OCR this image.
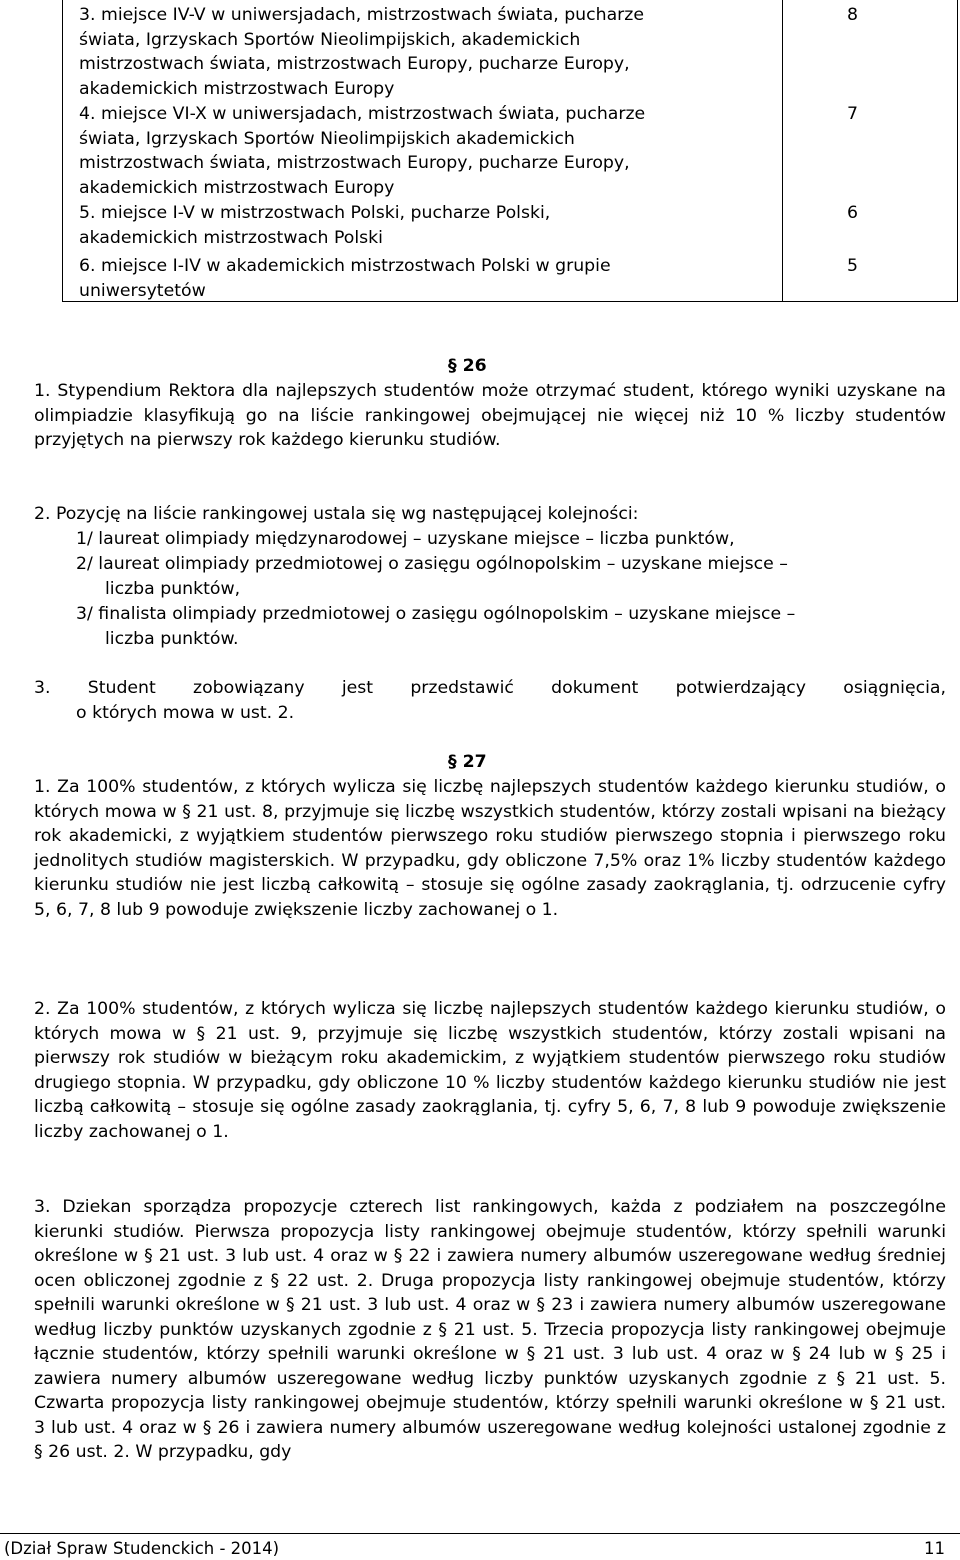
3. miejsce IV-V w uniwersjadach, mistrzostwach świata, pucharze
świata, Igrzyskach Sportów Nieolimpijskich, akademickich
mistrzostwach świata, mistrzostwach Europy, pucharze Europy,
akademickich mistrzostwach Europy
8
4. miejsce VI-X w uniwersjadach, mistrzostwach świata, pucharze
świata, Igrzyskach Sportów Nieolimpijskich akademickich
mistrzostwach świata, mistrzostwach Europy, pucharze Europy,
akademickich mistrzostwach Europy
7
5. miejsce I-V w mistrzostwach Polski, pucharze Polski,
akademickich mistrzostwach Polski
6
6. miejsce I-IV w akademickich mistrzostwach Polski w grupie
uniwersytetów
5
§ 26
1. Stypendium Rektora dla najlepszych studentów może otrzymać student, którego wyniki uzyskane na olimpiadzie klasyfikują go na liście rankingowej obejmującej nie więcej niż 10 % liczby studentów przyjętych na pierwszy rok każdego kierunku studiów.
2. Pozycję na liście rankingowej ustala się wg następującej kolejności:
1/ laureat olimpiady międzynarodowej – uzyskane miejsce – liczba punktów,
2/ laureat olimpiady przedmiotowej o zasięgu ogólnopolskim – uzyskane miejsce –
liczba punktów,
3/ finalista olimpiady przedmiotowej o zasięgu ogólnopolskim – uzyskane miejsce –
liczba punktów.
3. Student zobowiązany jest przedstawić dokument potwierdzający osiągnięcia,
o których mowa w ust. 2.
§ 27
1. Za 100% studentów, z których wylicza się liczbę najlepszych studentów każdego kierunku studiów, o których mowa w § 21 ust. 8, przyjmuje się liczbę wszystkich studentów, którzy zostali wpisani na bieżący rok akademicki, z wyjątkiem studentów pierwszego roku studiów pierwszego stopnia i pierwszego roku jednolitych studiów magisterskich. W przypadku, gdy obliczone 7,5% oraz 1% liczby studentów każdego kierunku studiów nie jest liczbą całkowitą – stosuje się ogólne zasady zaokrąglania, tj. odrzucenie cyfry 5, 6, 7, 8 lub 9 powoduje zwiększenie liczby zachowanej o 1.
2. Za 100% studentów, z których wylicza się liczbę najlepszych studentów każdego kierunku studiów, o których mowa w § 21 ust. 9, przyjmuje się liczbę wszystkich studentów, którzy zostali wpisani na pierwszy rok studiów w bieżącym roku akademickim, z wyjątkiem studentów pierwszego roku studiów drugiego stopnia. W przypadku, gdy obliczone 10 % liczby studentów każdego kierunku studiów nie jest liczbą całkowitą – stosuje się ogólne zasady zaokrąglania, tj. cyfry 5, 6, 7, 8 lub 9 powoduje zwiększenie liczby zachowanej o 1.
3. Dziekan sporządza propozycje czterech list rankingowych, każda z podziałem na poszczególne kierunki studiów. Pierwsza propozycja listy rankingowej obejmuje studentów, którzy spełnili warunki określone w § 21 ust. 3 lub ust. 4 oraz w § 22 i zawiera numery albumów uszeregowane według średniej ocen obliczonej zgodnie z § 22 ust. 2. Druga propozycja listy rankingowej obejmuje studentów, którzy spełnili warunki określone w § 21 ust. 3 lub ust. 4 oraz w § 23 i zawiera numery albumów uszeregowane według liczby punktów uzyskanych zgodnie z § 21 ust. 5. Trzecia propozycja listy rankingowej obejmuje łącznie studentów, którzy spełnili warunki określone w § 21 ust. 3 lub ust. 4 oraz w § 24 lub w § 25 i zawiera numery albumów uszeregowane według liczby punktów uzyskanych zgodnie z § 21 ust. 5. Czwarta propozycja listy rankingowej obejmuje studentów, którzy spełnili warunki określone w § 21 ust. 3 lub ust. 4 oraz w § 26 i zawiera numery albumów uszeregowane według kolejności ustalonej zgodnie z § 26 ust. 2. W przypadku, gdy
(Dział Spraw Studenckich - 2014)	11
